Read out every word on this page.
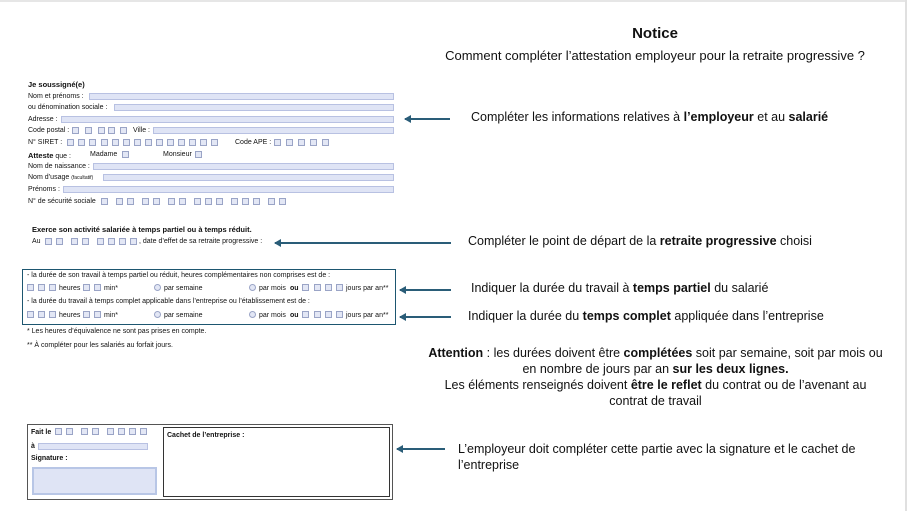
Notice
Comment compléter l’attestation employeur pour la retraite progressive ?
Je soussigné(e)
Nom et prénoms :
ou dénomination sociale :
Adresse :
Code postal :	Ville :
N° SIRET :	Code APE :
Atteste que :	Madame	Monsieur
Nom de naissance :
Nom d’usage (facultatif)
Prénoms :
N° de sécurité sociale
Exerce son activité salariée à temps partiel ou à temps réduit.
Au	, date d’effet de sa retraite progressive :
- la durée de son travail à temps partiel ou réduit, heures complémentaires non comprises est de :
heures	min*	par semaine	par mois ou	jours par an**
- la durée du travail à temps complet applicable dans l’entreprise ou l’établissement est de :
heures	min*	par semaine	par mois ou	jours par an**
* Les heures d’équivalence ne sont pas prises en compte.
** À compléter pour les salariés au forfait jours.
Fait le
à
Signature :
Cachet de l’entreprise :
Compléter les informations relatives à l’employeur et au salarié
Compléter le point de départ de la retraite progressive choisi
Indiquer la durée du travail à temps partiel du salarié
Indiquer la durée du temps complet appliquée dans l’entreprise
Attention : les durées doivent être complétées soit par semaine, soit par mois ou en nombre de jours par an sur les deux lignes.
Les éléments renseignés doivent être le reflet du contrat ou de l’avenant au contrat de travail
L’employeur doit compléter cette partie avec la signature et le cachet de l’entreprise
